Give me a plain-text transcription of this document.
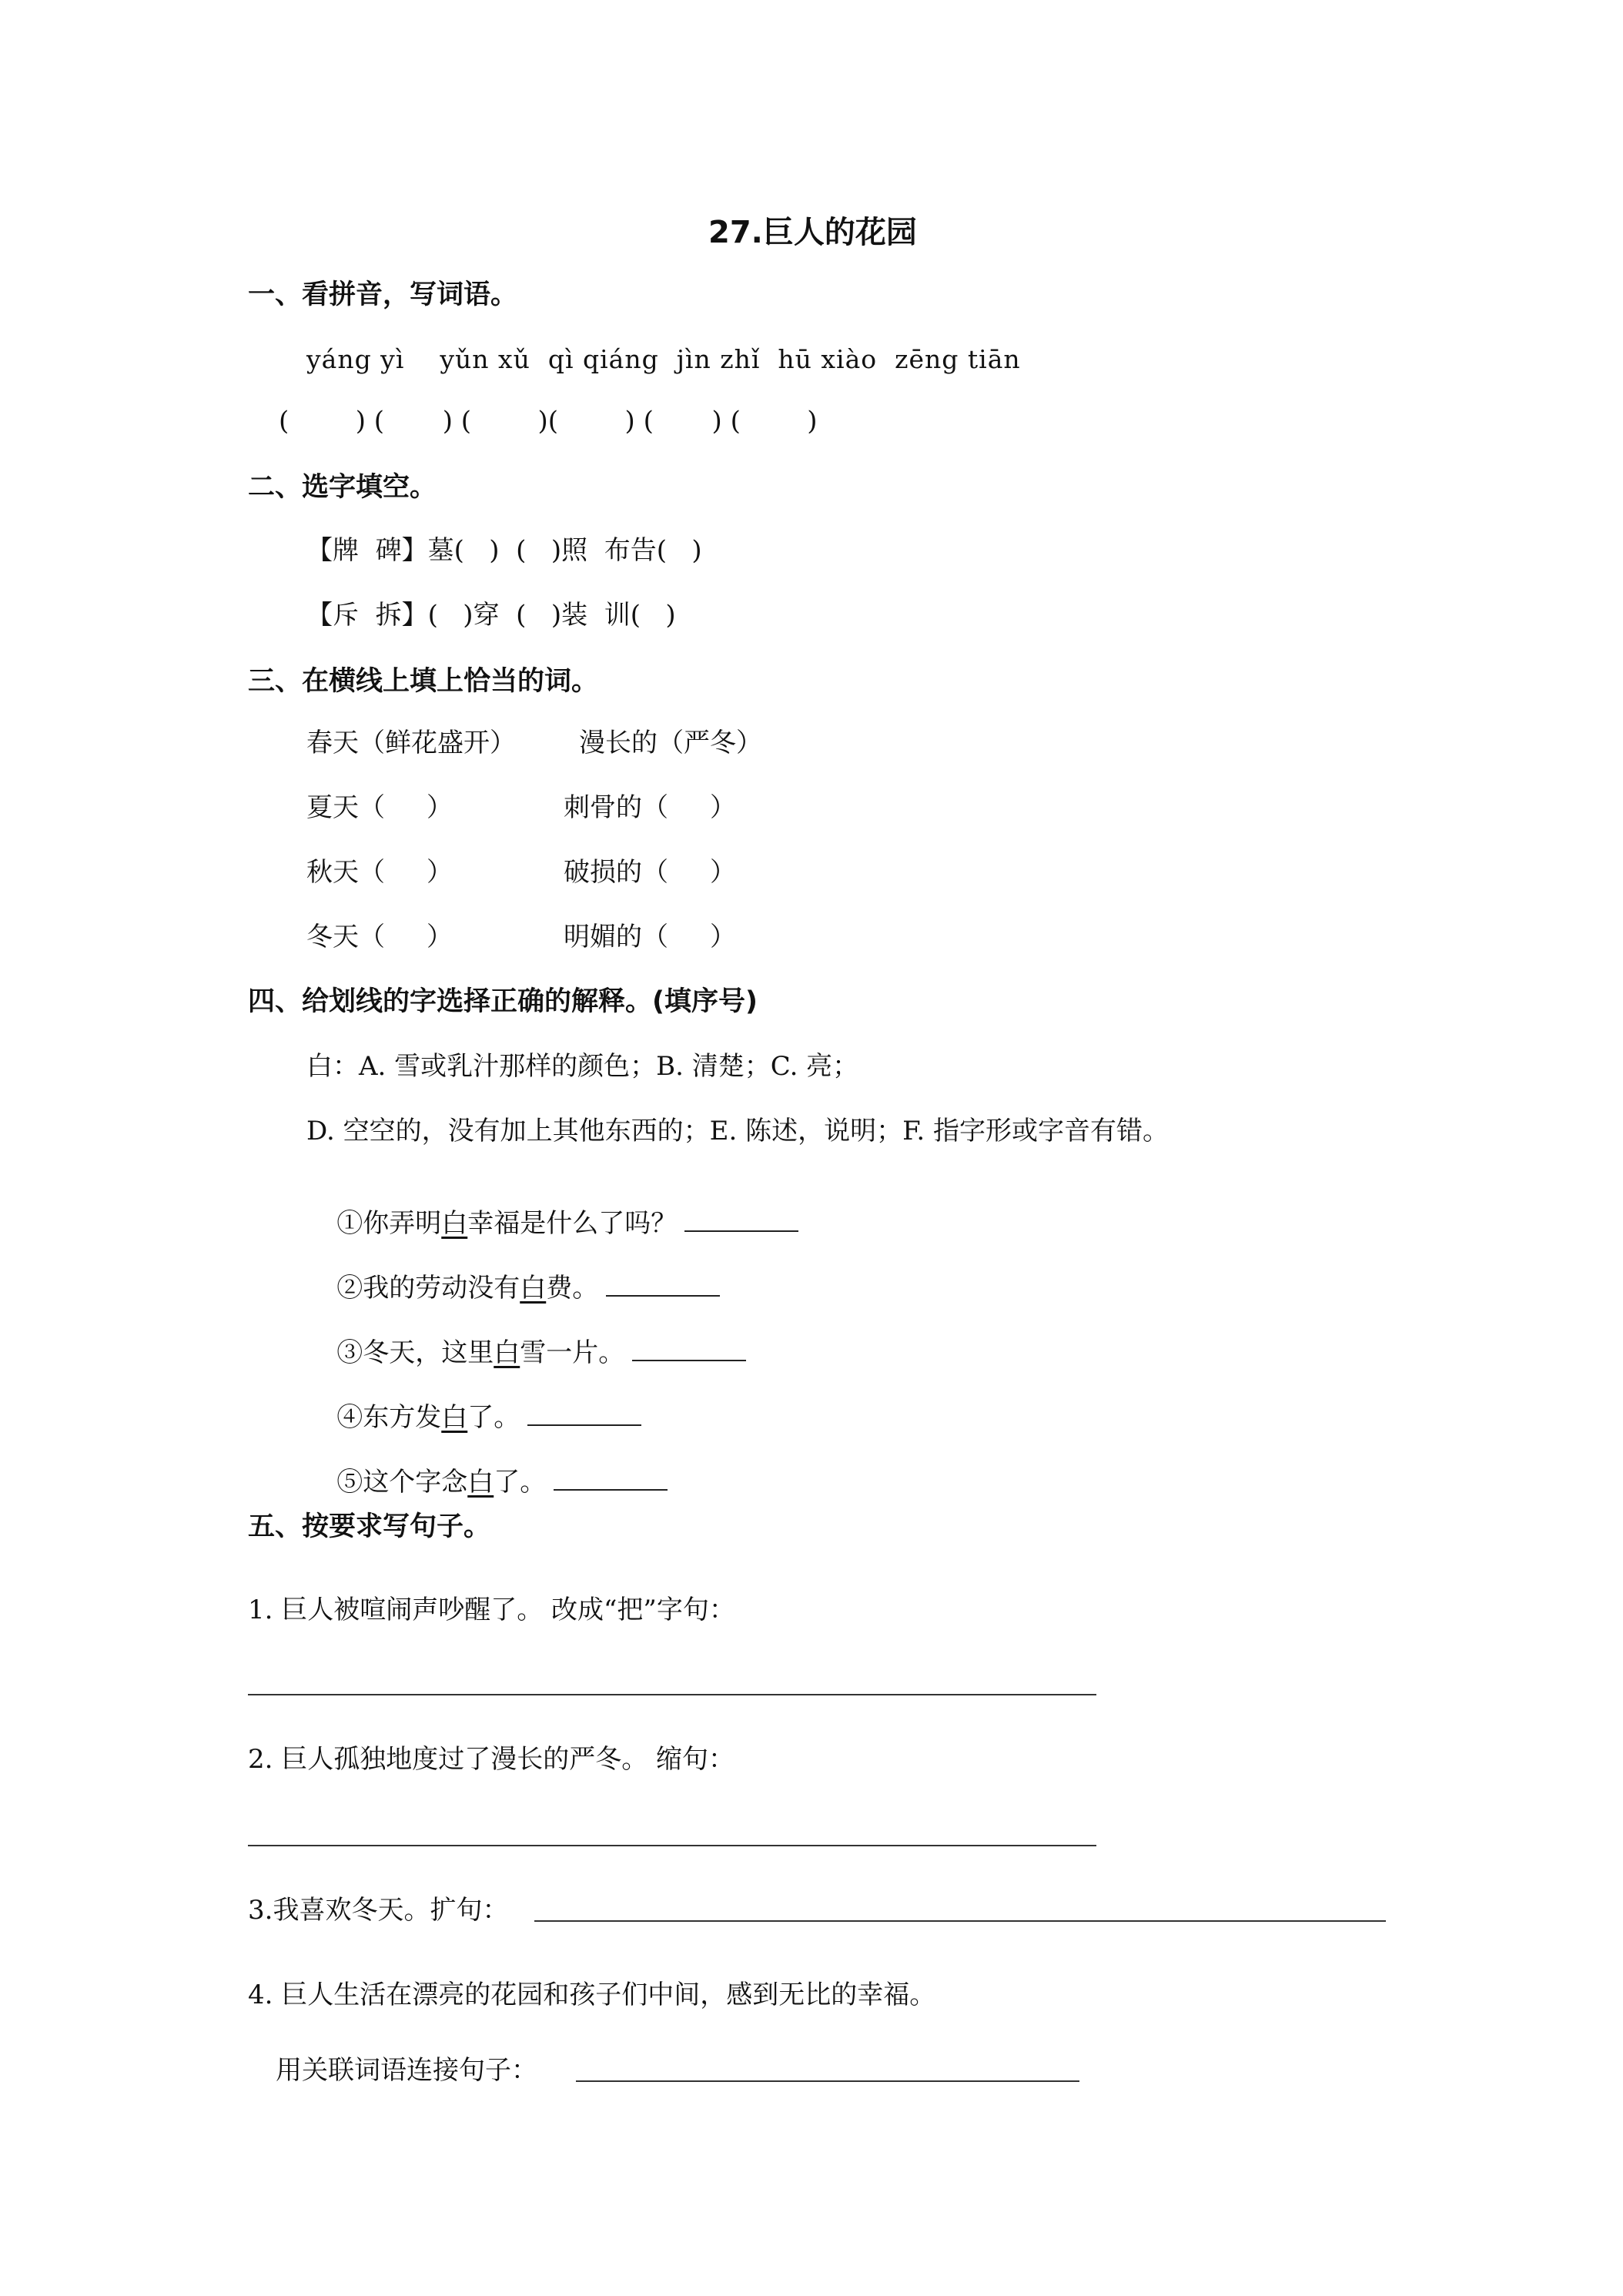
27.巨人的花园
一、看拼音，写词语。
yáng yì    yǔn xǔ  qì qiáng  jìn zhǐ  hū xiào  zēng tiān
(        ) (       ) (        )(        ) (       ) (        )
二、选字填空。
【牌  碑】墓(   )  (   )照  布告(   )
【斥  拆】(   )穿  (   )装  训(   )
三、在横线上填上恰当的词。
春天（鲜花盛开） 漫长的（严冬）
夏天（     ）	刺骨的（     ）
秋天（     ）	破损的（     ）
冬天（     ）	明媚的（     ）
四、给划线的字选择正确的解释。(填序号)
白：A. 雪或乳汁那样的颜色；B. 清楚；C. 亮；
D. 空空的，没有加上其他东西的；E. 陈述，说明；F. 指字形或字音有错。

①你弄明白幸福是什么了吗？

②我的劳动没有白费。

③冬天，这里白雪一片。

④东方发白了。

⑤这个字念白了。

五、按要求写句子。
1. 巨人被喧闹声吵醒了。 改成“把”字句：
2. 巨人孤独地度过了漫长的严冬。 缩句：
3.我喜欢冬天。扩句：
4. 巨人生活在漂亮的花园和孩子们中间，感到无比的幸福。
用关联词语连接句子：
